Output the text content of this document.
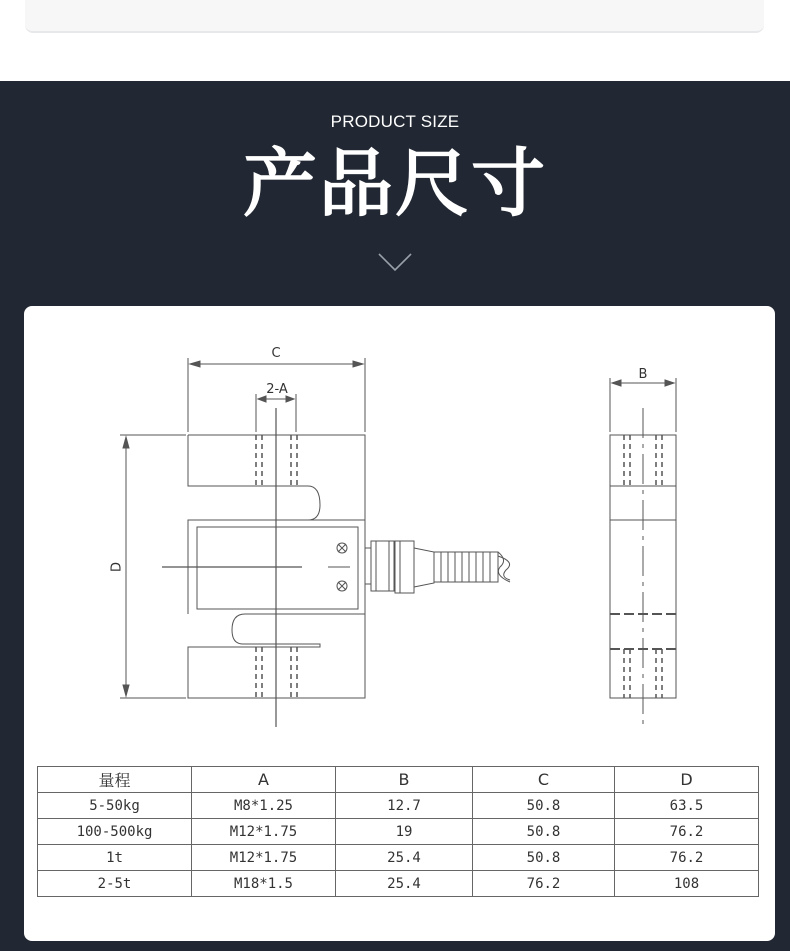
PRODUCT SIZE
产品尺寸
C
2-A
D
B
量程	A	B	C	D
5-50kg	M8*1.25	12.7	50.8	63.5
100-500kg	M12*1.75	19	50.8	76.2
1t	M12*1.75	25.4	50.8	76.2
2-5t	M18*1.5	25.4	76.2	108
